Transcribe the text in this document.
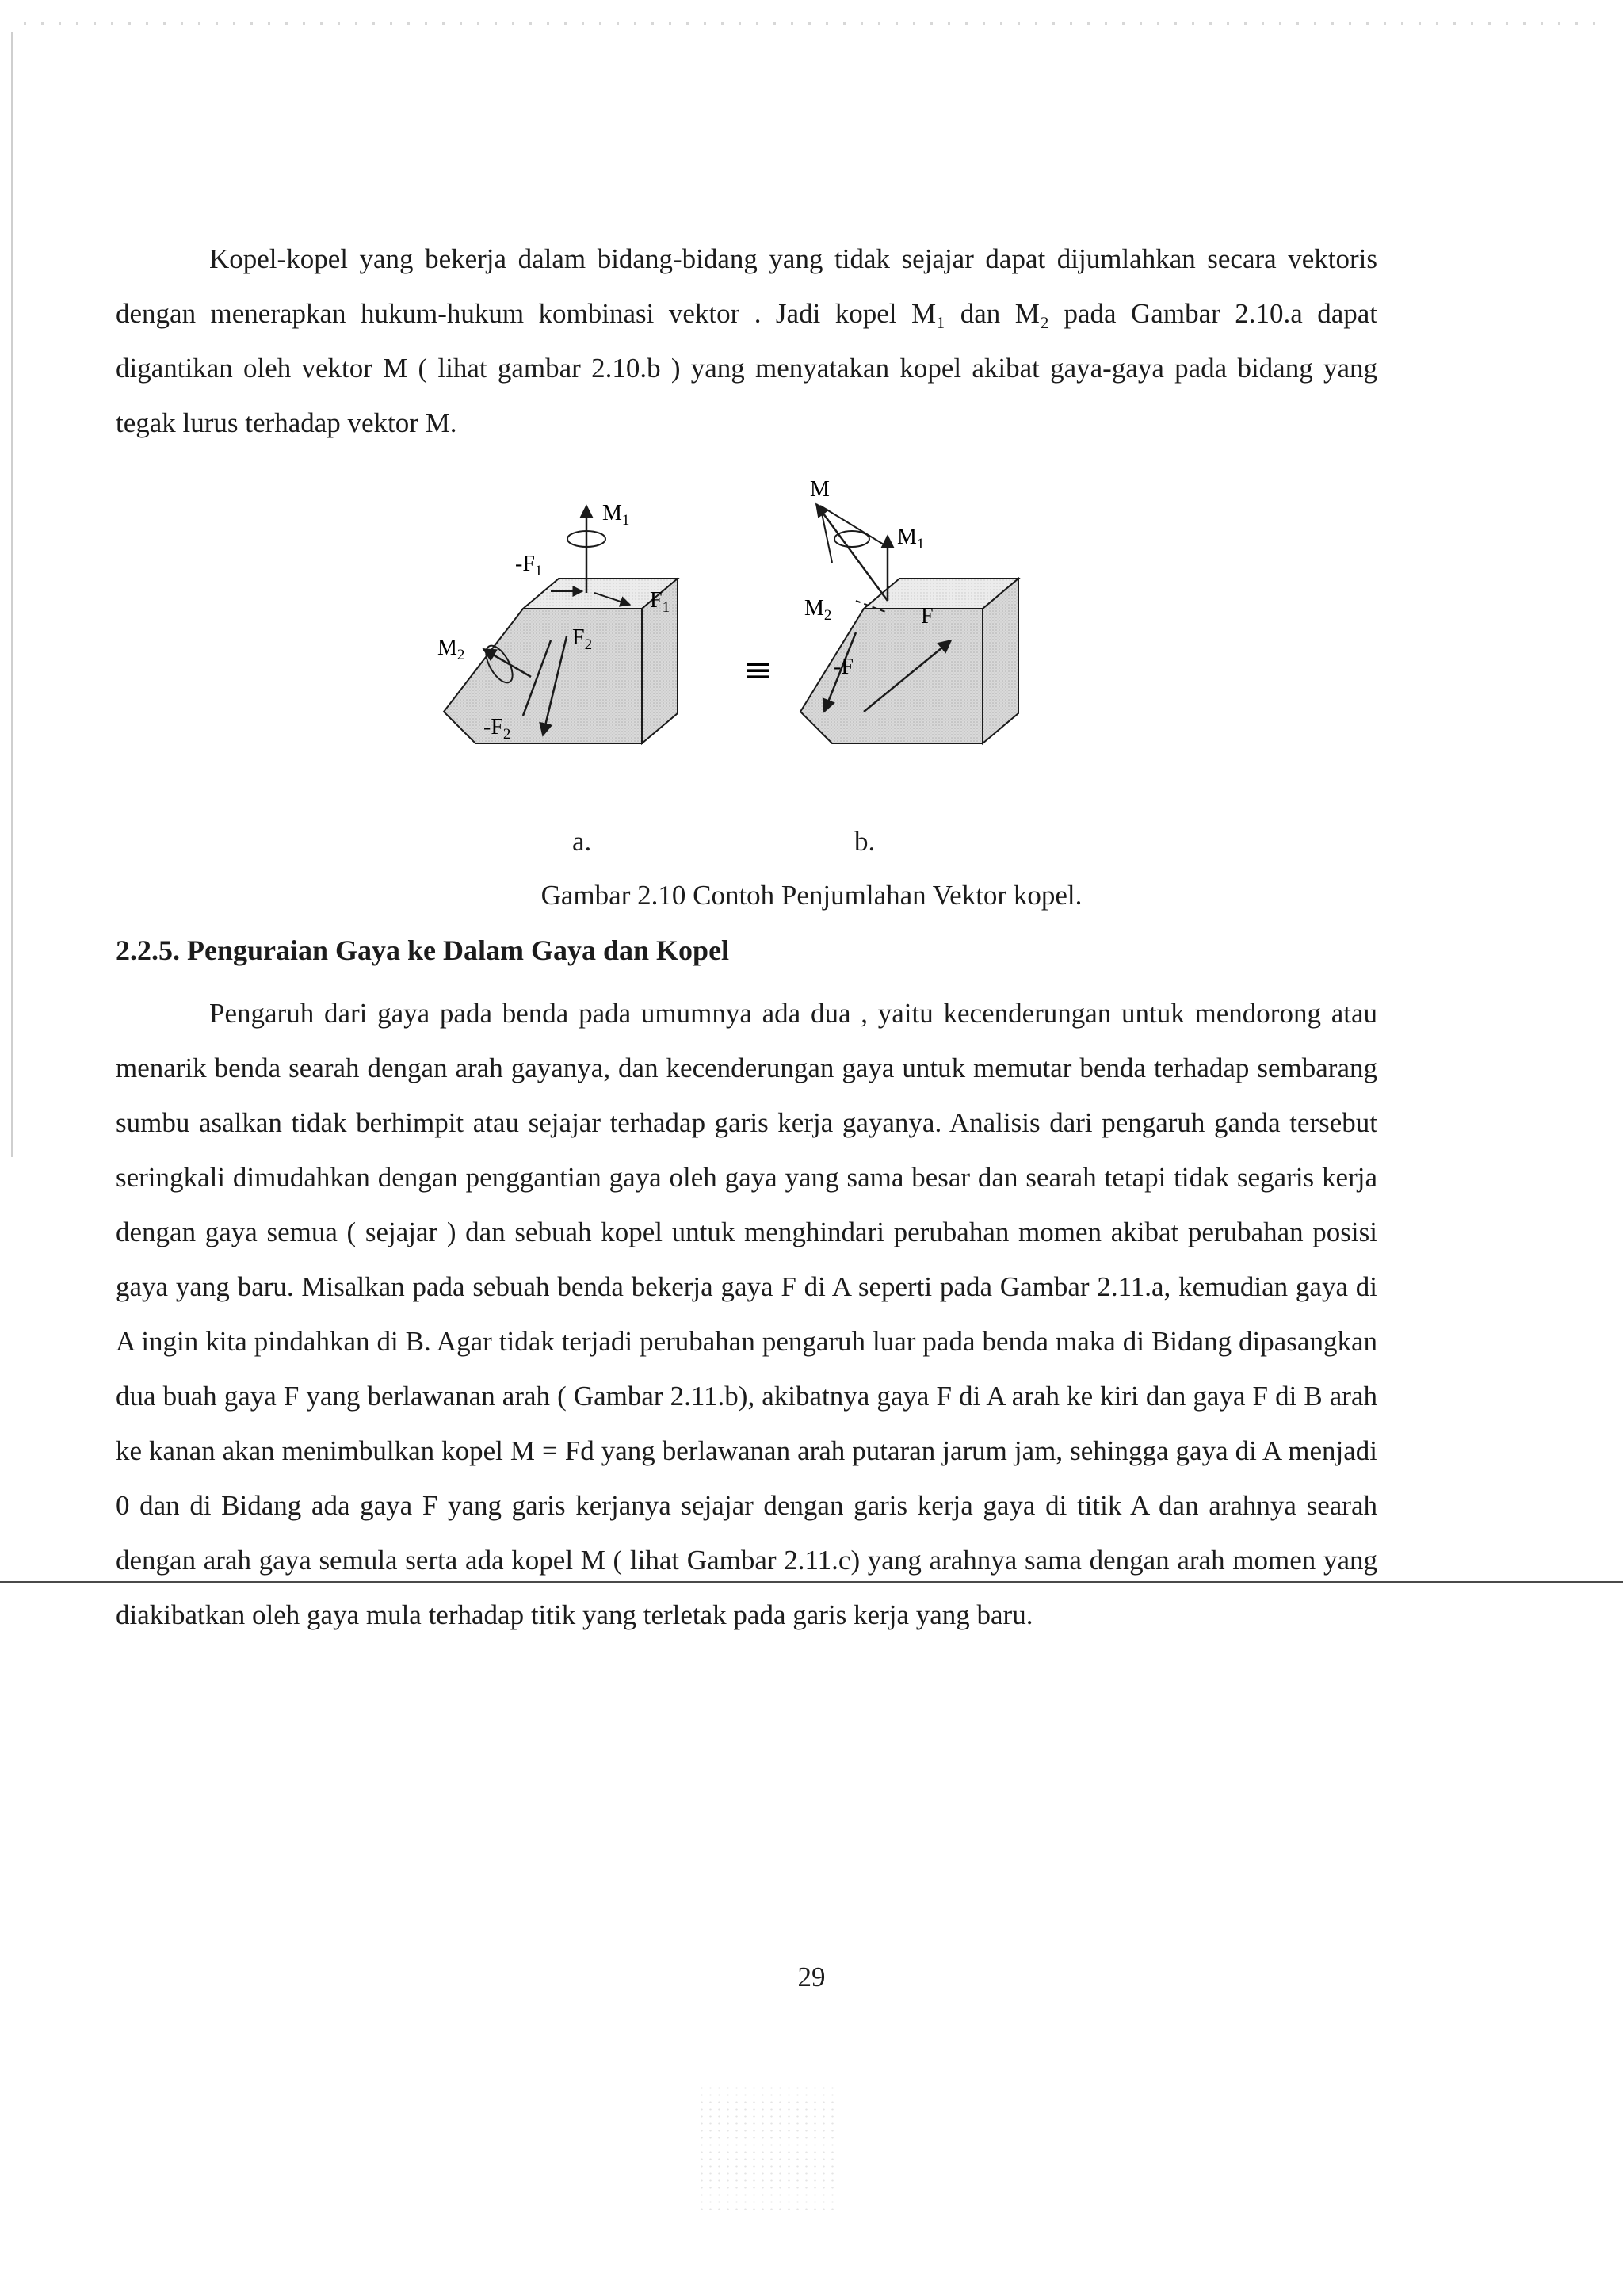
Kopel-kopel yang bekerja dalam bidang-bidang yang tidak sejajar dapat dijumlahkan secara vektoris dengan menerapkan hukum-hukum kombinasi vektor . Jadi kopel M₁ dan M₂ pada Gambar 2.10.a dapat digantikan oleh vektor M ( lihat gambar 2.10.b ) yang menyatakan kopel akibat gaya-gaya pada bidang yang tegak lurus terhadap vektor M.

$M_1$
$-F_1$
$F_1$
$M_2$
$F_2$
$-F_2$
≡
M
$M_1$
$M_2$	F
-F
a.	b.
Gambar 2.10 Contoh Penjumlahan Vektor kopel.
2.2.5. Penguraian Gaya ke Dalam Gaya dan Kopel

Pengaruh dari gaya pada benda pada umumnya ada dua , yaitu kecenderungan untuk mendorong atau menarik benda searah dengan arah gayanya, dan kecenderungan gaya untuk memutar benda terhadap sembarang sumbu asalkan tidak berhimpit atau sejajar terhadap garis kerja gayanya. Analisis dari pengaruh ganda tersebut seringkali dimudahkan dengan penggantian gaya oleh gaya yang sama besar dan searah tetapi tidak segaris kerja dengan gaya semua ( sejajar ) dan sebuah kopel untuk menghindari perubahan momen akibat perubahan posisi gaya yang baru. Misalkan pada sebuah benda bekerja gaya F di A seperti pada Gambar 2.11.a, kemudian gaya di A ingin kita pindahkan di B. Agar tidak terjadi perubahan pengaruh luar pada benda maka di Bidang dipasangkan dua buah gaya F yang berlawanan arah ( Gambar 2.11.b), akibatnya gaya F di A arah ke kiri dan gaya F di B arah ke kanan akan menimbulkan kopel M = Fd yang berlawanan arah putaran jarum jam, sehingga gaya di A menjadi 0 dan di Bidang ada gaya F yang garis kerjanya sejajar dengan garis kerja gaya di titik A dan arahnya searah dengan arah gaya semula serta ada kopel M ( lihat Gambar 2.11.c) yang arahnya sama dengan arah momen yang diakibatkan oleh gaya mula terhadap titik yang terletak pada garis kerja yang baru.

29
